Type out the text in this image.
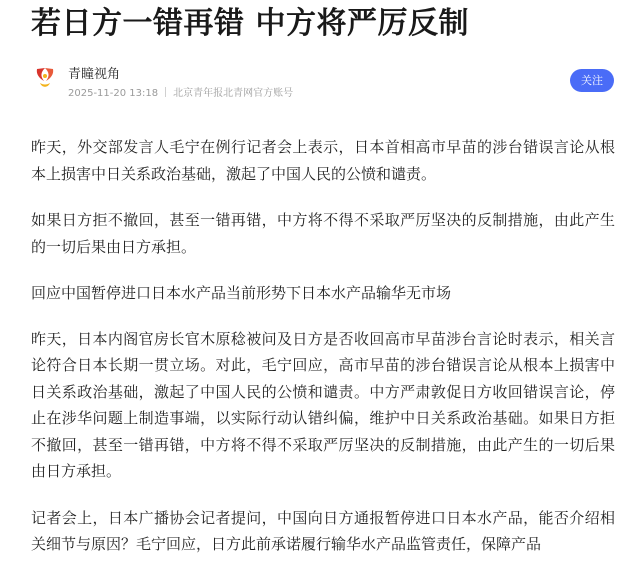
若日方一错再错 中方将严厉反制
青瞳视角
2025-11-20 13:18 北京青年报北青网官方账号
关注

昨天，外交部发言人毛宁在例行记者会上表示，日本首相高市早苗的涉台错误言论从根本上损害中日关系政治基础，激起了中国人民的公愤和谴责。

如果日方拒不撤回，甚至一错再错，中方将不得不采取严厉坚决的反制措施，由此产生的一切后果由日方承担。

回应中国暂停进口日本水产品当前形势下日本水产品输华无市场

昨天，日本内阁官房长官木原稔被问及日方是否收回高市早苗涉台言论时表示，相关言论符合日本长期一贯立场。对此，毛宁回应，高市早苗的涉台错误言论从根本上损害中日关系政治基础，激起了中国人民的公愤和谴责。中方严肃敦促日方收回错误言论，停止在涉华问题上制造事端，以实际行动认错纠偏，维护中日关系政治基础。如果日方拒不撤回，甚至一错再错，中方将不得不采取严厉坚决的反制措施，由此产生的一切后果由日方承担。

记者会上，日本广播协会记者提问，中国向日方通报暂停进口日本水产品，能否介绍相关细节与原因？毛宁回应，日方此前承诺履行输华水产品监管责任，保障产品
